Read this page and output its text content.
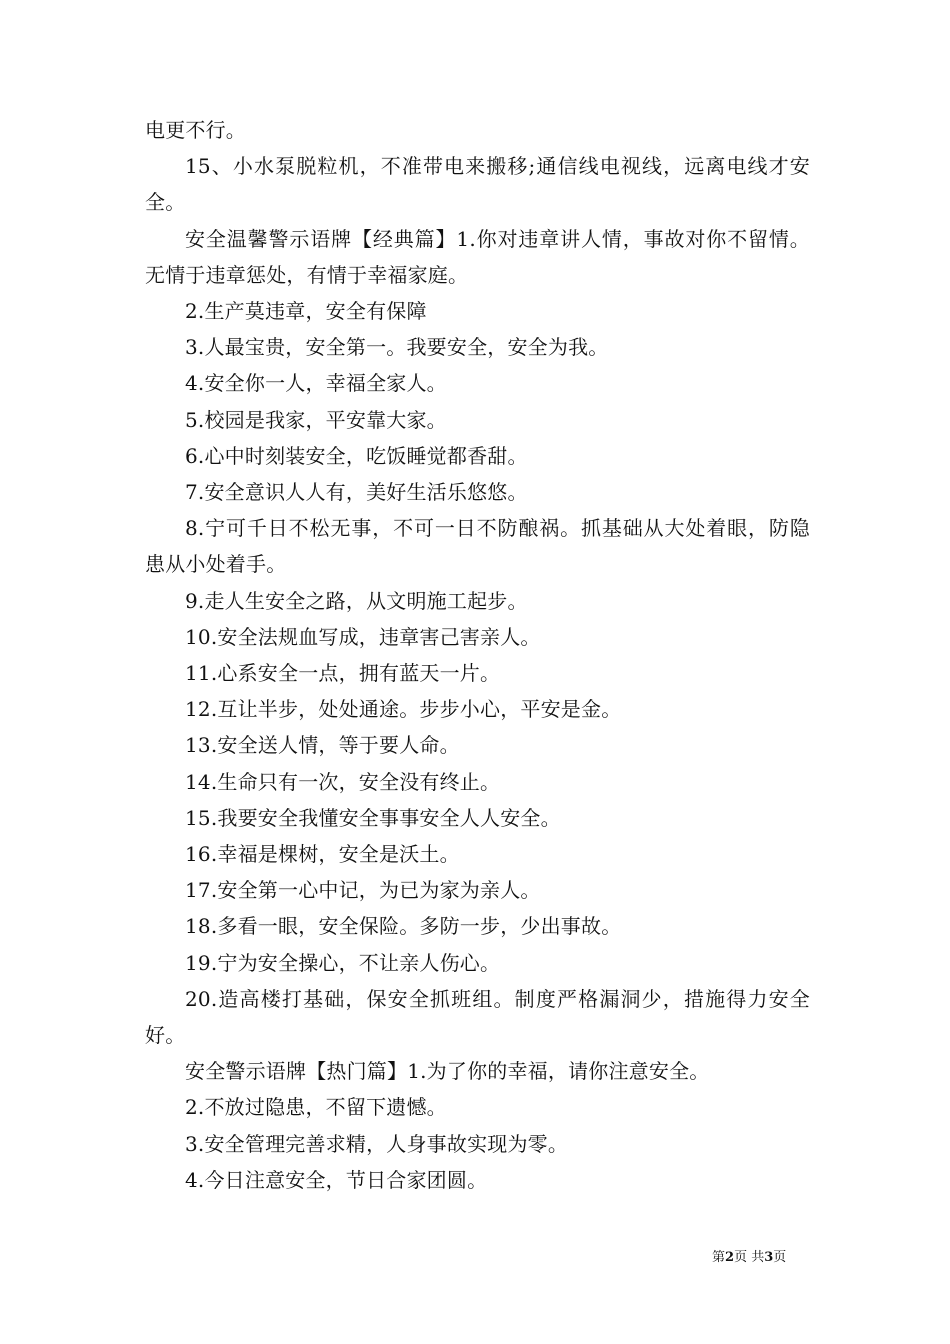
电更不行。

15、小水泵脱粒机，不准带电来搬移;通信线电视线，远离电线才安全。

安全温馨警示语牌【经典篇】1.你对违章讲人情，事故对你不留情。无情于违章惩处，有情于幸福家庭。

2.生产莫违章，安全有保障

3.人最宝贵，安全第一。我要安全，安全为我。

4.安全你一人，幸福全家人。

5.校园是我家，平安靠大家。

6.心中时刻装安全，吃饭睡觉都香甜。

7.安全意识人人有，美好生活乐悠悠。

8.宁可千日不松无事，不可一日不防酿祸。抓基础从大处着眼，防隐患从小处着手。

9.走人生安全之路，从文明施工起步。

10.安全法规血写成，违章害己害亲人。

11.心系安全一点，拥有蓝天一片。

12.互让半步，处处通途。步步小心，平安是金。

13.安全送人情，等于要人命。

14.生命只有一次，安全没有终止。

15.我要安全我懂安全事事安全人人安全。

16.幸福是棵树，安全是沃土。

17.安全第一心中记，为已为家为亲人。

18.多看一眼，安全保险。多防一步，少出事故。

19.宁为安全操心，不让亲人伤心。

20.造高楼打基础，保安全抓班组。制度严格漏洞少，措施得力安全好。

安全警示语牌【热门篇】1.为了你的幸福，请你注意安全。

2.不放过隐患，不留下遗憾。

3.安全管理完善求精，人身事故实现为零。

4.今日注意安全，节日合家团圆。

第2页 共3页
